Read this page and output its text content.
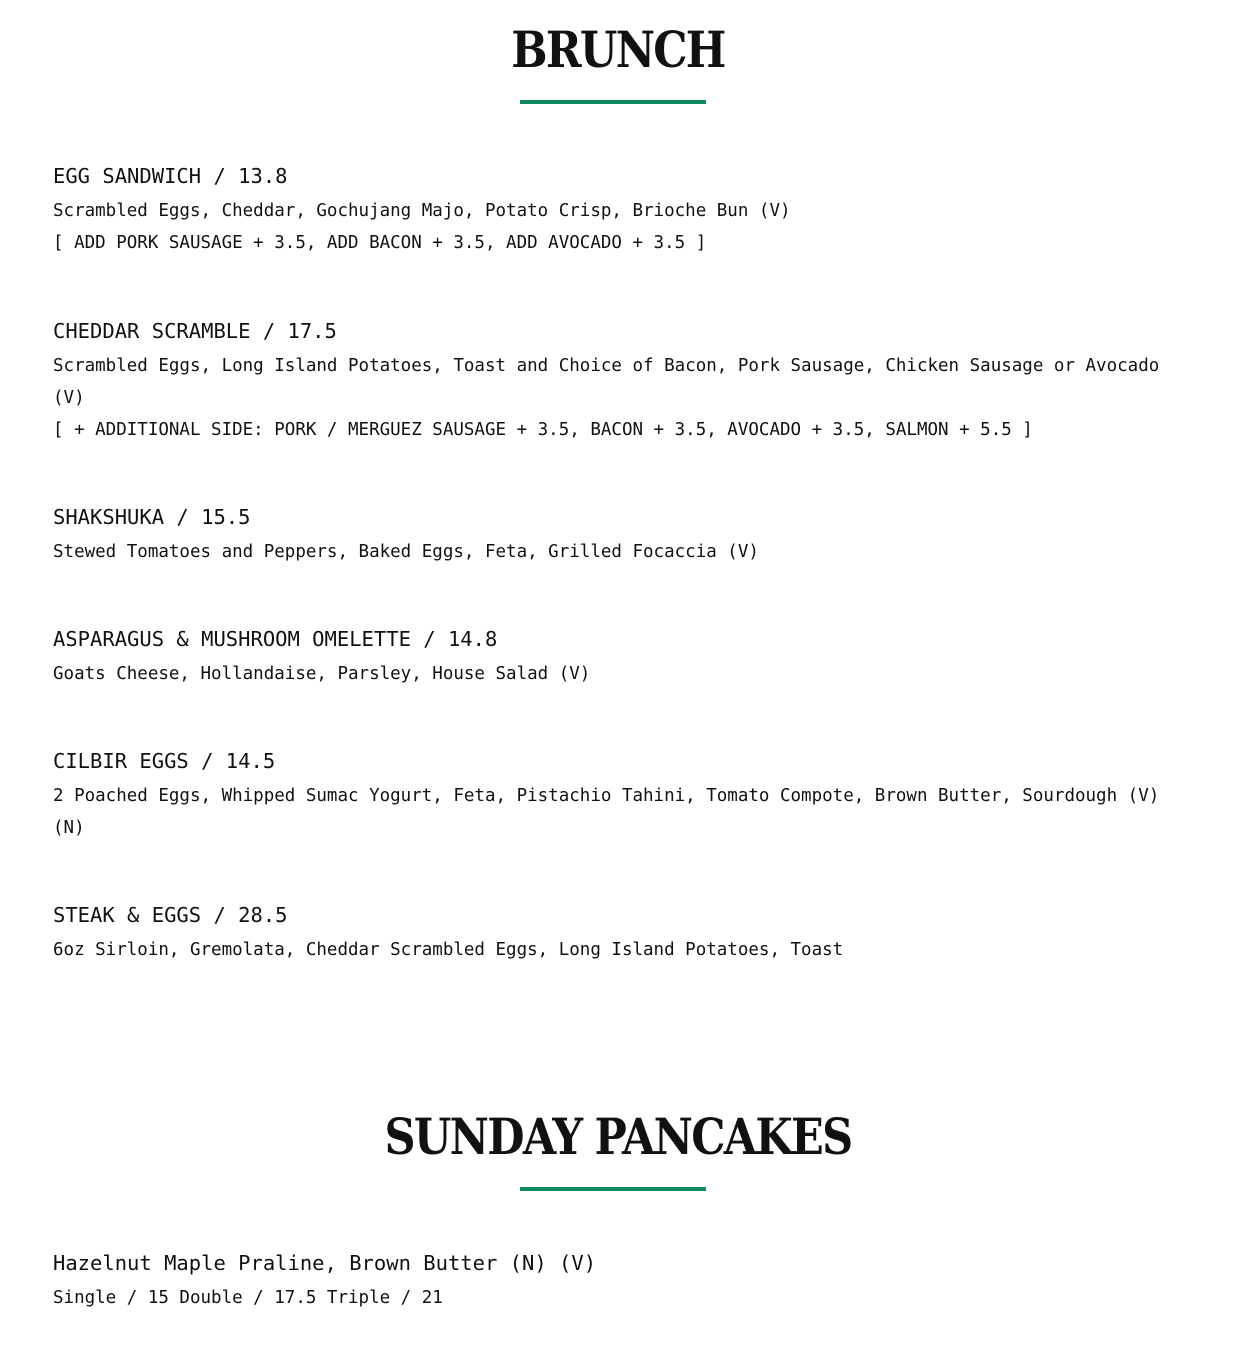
BRUNCH

EGG SANDWICH / 13.8

Scrambled Eggs, Cheddar, Gochujang Majo, Potato Crisp, Brioche Bun (V)

[ ADD PORK SAUSAGE + 3.5, ADD BACON + 3.5, ADD AVOCADO + 3.5 ]

CHEDDAR SCRAMBLE / 17.5

Scrambled Eggs, Long Island Potatoes, Toast and Choice of Bacon, Pork Sausage, Chicken Sausage or Avocado (V)

[ + ADDITIONAL SIDE: PORK / MERGUEZ SAUSAGE + 3.5, BACON + 3.5, AVOCADO + 3.5, SALMON + 5.5 ]

SHAKSHUKA / 15.5

Stewed Tomatoes and Peppers, Baked Eggs, Feta, Grilled Focaccia (V)

ASPARAGUS & MUSHROOM OMELETTE / 14.8

Goats Cheese, Hollandaise, Parsley, House Salad (V)

CILBIR EGGS / 14.5

2 Poached Eggs, Whipped Sumac Yogurt, Feta, Pistachio Tahini, Tomato Compote, Brown Butter, Sourdough (V) (N)

STEAK & EGGS / 28.5

6oz Sirloin, Gremolata, Cheddar Scrambled Eggs, Long Island Potatoes, Toast

SUNDAY PANCAKES

Hazelnut Maple Praline, Brown Butter (N) (V)

Single / 15 Double / 17.5 Triple / 21
